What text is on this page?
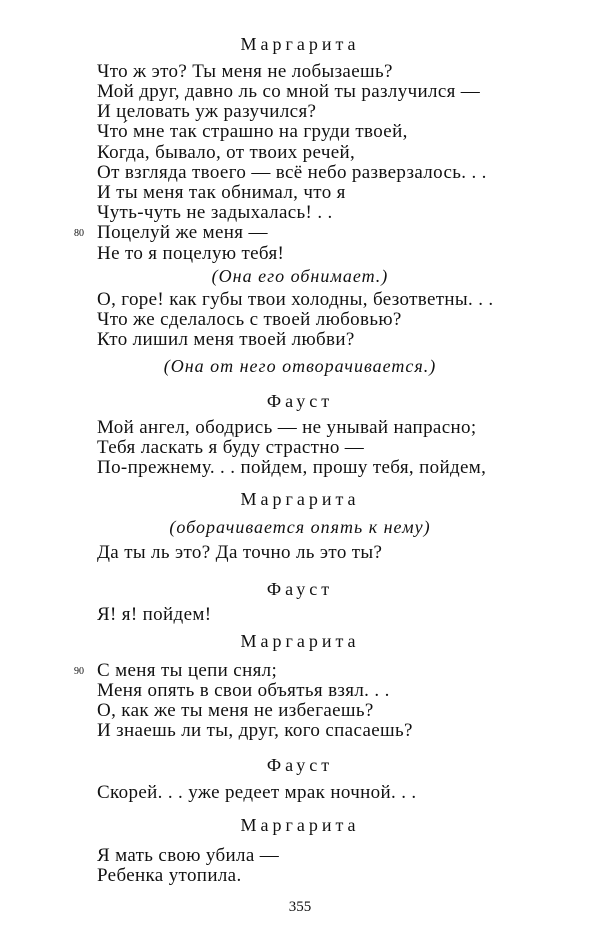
Маргарита
Что ж это? Ты меня не лобызаешь?
Мой друг, давно ль со мной ты разлучился —
И целовать уж разучился?
Что́ мне так страшно на груди твоей,
Когда, бывало, от твоих речей,
От взгляда твоего — всё небо разверзалось. . .
И ты меня так обнимал, что я
Чуть-чуть не задыхалась! . .
80 Поцелуй же меня —
Не то я поцелую тебя!
(Она его обнимает.)
О, горе! как губы твои холодны, безответны. . .
Что же сделалось с твоей любовью?
Кто лишил меня твоей любви?
(Она от него отворачивается.)
Фауст
Мой ангел, ободрись — не унывай напрасно;
Тебя ласкать я буду страстно —
По-прежнему. . . пойдем, прошу тебя, пойдем,
Маргарита
(оборачивается опять к нему)
Да ты ль это? Да точно ль это ты?
Фауст
Я! я! пойдем!
Маргарита
90 С меня ты цепи снял;
Меня опять в свои объятья взял. . .
О, как же ты меня не избегаешь?
И знаешь ли ты, друг, кого спасаешь?
Фауст
Скорей. . . уже редеет мрак ночной. . .
Маргарита
Я мать свою убила —
Ребенка утопила.
355
